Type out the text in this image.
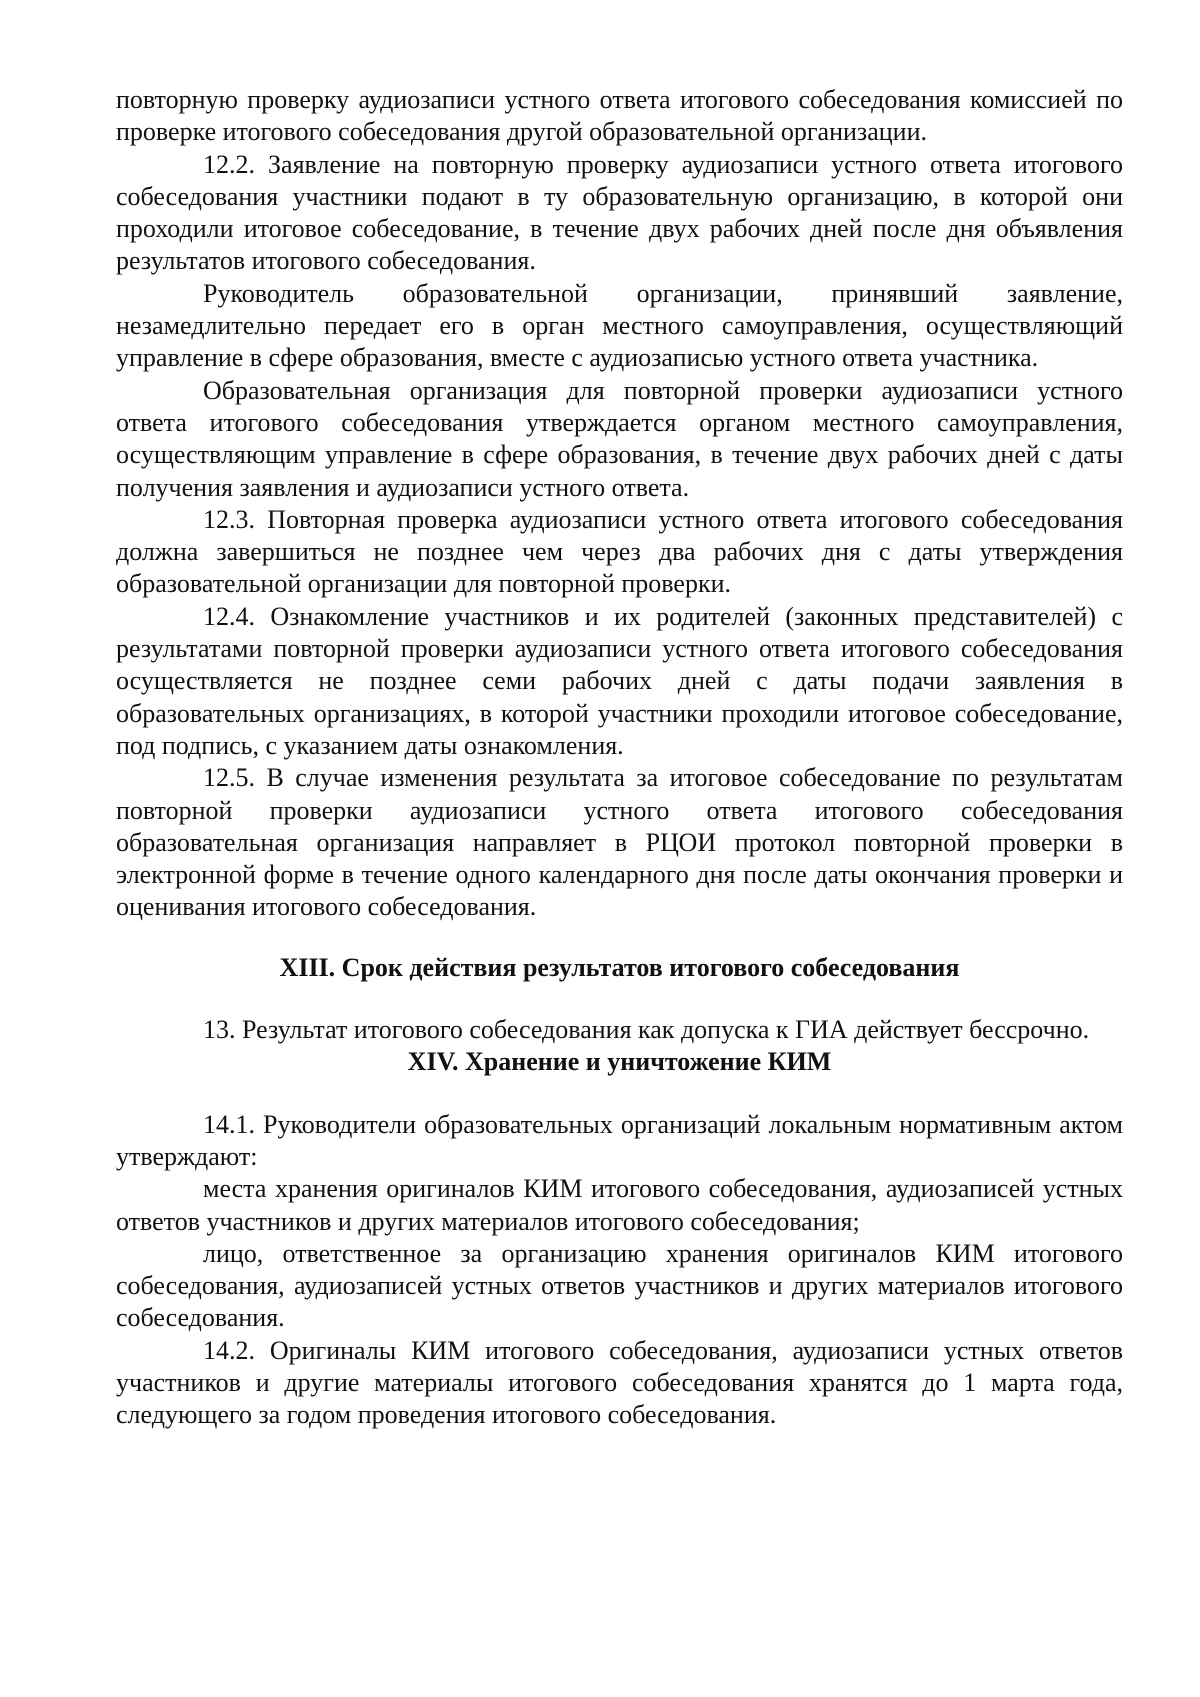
повторную проверку аудиозаписи устного ответа итогового собеседования комиссией по проверке итогового собеседования другой образовательной организации.

12.2. Заявление на повторную проверку аудиозаписи устного ответа итогового собеседования участники подают в ту образовательную организацию, в которой они проходили итоговое собеседование, в течение двух рабочих дней после дня объявления результатов итогового собеседования.

Руководитель образовательной организации, принявший заявление, незамедлительно передает его в орган местного самоуправления, осуществляющий управление в сфере образования, вместе с аудиозаписью устного ответа участника.

Образовательная организация для повторной проверки аудиозаписи устного ответа итогового собеседования утверждается органом местного самоуправления, осуществляющим управление в сфере образования, в течение двух рабочих дней с даты получения заявления и аудиозаписи устного ответа.

12.3. Повторная проверка аудиозаписи устного ответа итогового собеседования должна завершиться не позднее чем через два рабочих дня с даты утверждения образовательной организации для повторной проверки.

12.4. Ознакомление участников и их родителей (законных представителей) с результатами повторной проверки аудиозаписи устного ответа итогового собеседования осуществляется не позднее семи рабочих дней с даты подачи заявления в образовательных организациях, в которой участники проходили итоговое собеседование, под подпись, с указанием даты ознакомления.

12.5. В случае изменения результата за итоговое собеседование по результатам повторной проверки аудиозаписи устного ответа итогового собеседования образовательная организация направляет в РЦОИ протокол повторной проверки в электронной форме в течение одного календарного дня после даты окончания проверки и оценивания итогового собеседования.

XIII. Срок действия результатов итогового собеседования

13. Результат итогового собеседования как допуска к ГИА действует бессрочно.

XIV. Хранение и уничтожение КИМ

14.1. Руководители образовательных организаций локальным нормативным актом утверждают:

места хранения оригиналов КИМ итогового собеседования, аудиозаписей устных ответов участников и других материалов итогового собеседования;

лицо, ответственное за организацию хранения оригиналов КИМ итогового собеседования, аудиозаписей устных ответов участников и других материалов итогового собеседования.

14.2. Оригиналы КИМ итогового собеседования, аудиозаписи устных ответов участников и другие материалы итогового собеседования хранятся до 1 марта года, следующего за годом проведения итогового собеседования.
